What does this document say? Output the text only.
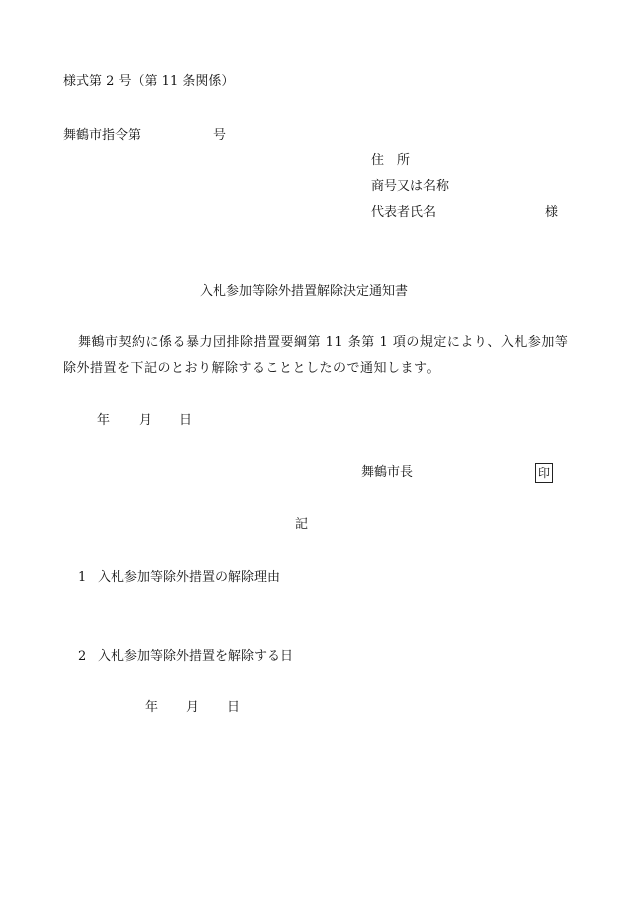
様式第 2 号（第 11 条関係）
舞鶴市指令第	号
住　所
商号又は名称
代表者氏名	様
入札参加等除外措置解除決定通知書
舞鶴市契約に係る暴力団排除措置要綱第 11 条第 1 項の規定により、入札参加等
除外措置を下記のとおり解除することとしたので通知します。
年 月 日
舞鶴市長	印
記
1 入札参加等除外措置の解除理由
2 入札参加等除外措置を解除する日
年 月 日
